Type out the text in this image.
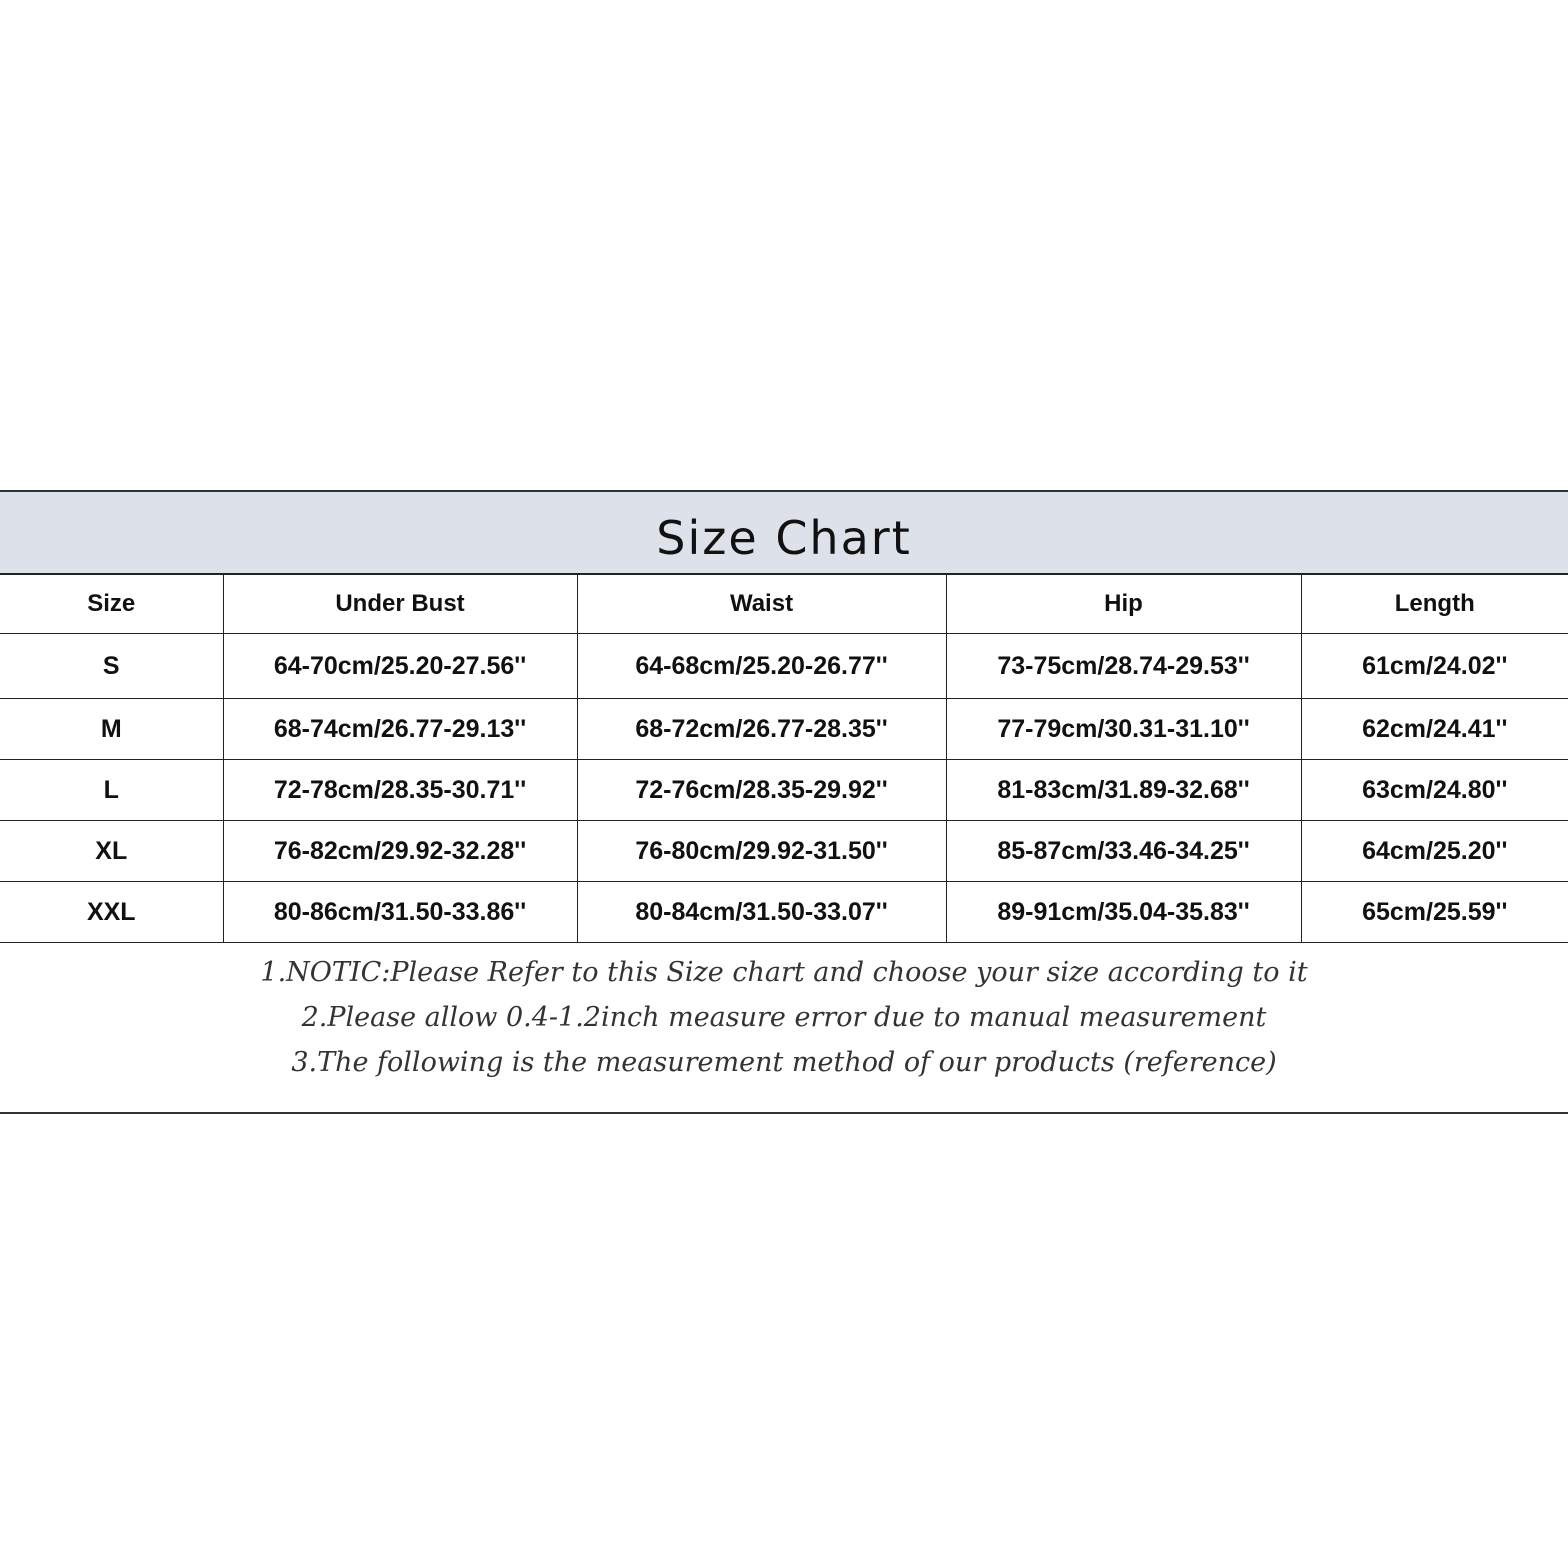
Size Chart
Size	Under Bust	Waist	Hip	Length
S	64-70cm/25.20-27.56''	64-68cm/25.20-26.77''	73-75cm/28.74-29.53''	61cm/24.02''
M	68-74cm/26.77-29.13''	68-72cm/26.77-28.35''	77-79cm/30.31-31.10''	62cm/24.41''
L	72-78cm/28.35-30.71''	72-76cm/28.35-29.92''	81-83cm/31.89-32.68''	63cm/24.80''
XL	76-82cm/29.92-32.28''	76-80cm/29.92-31.50''	85-87cm/33.46-34.25''	64cm/25.20''
XXL	80-86cm/31.50-33.86''	80-84cm/31.50-33.07''	89-91cm/35.04-35.83''	65cm/25.59''
1.NOTIC:Please Refer to this Size chart and choose your size according to it
2.Please allow 0.4-1.2inch measure error due to manual measurement
3.The following is the measurement method of our products (reference)
